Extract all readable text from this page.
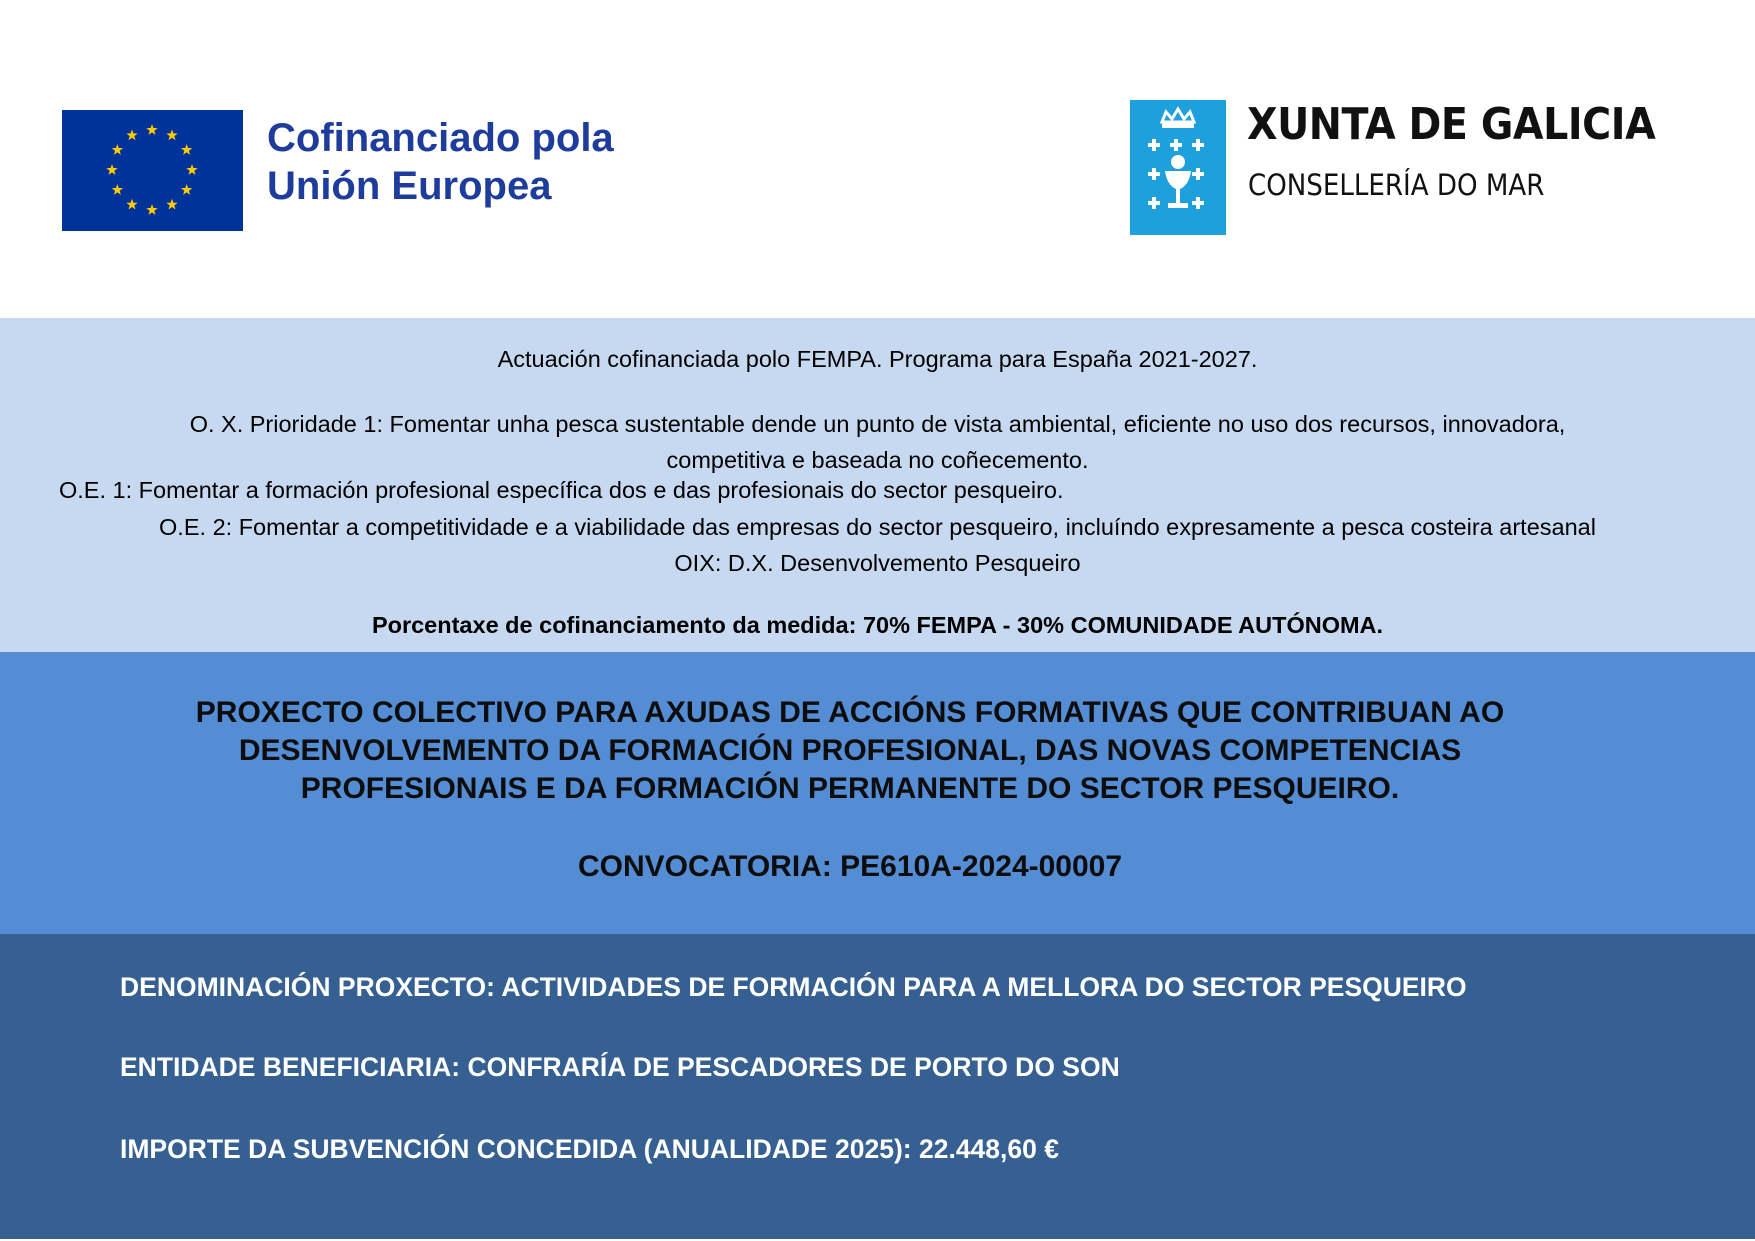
Cofinanciado pola
Unión Europea
XUNTA DE GALICIA
CONSELLERÍA DO MAR

Actuación cofinanciada polo FEMPA. Programa para España 2021-2027.

O. X. Prioridade 1: Fomentar unha pesca sustentable dende un punto de vista ambiental, eficiente no uso dos recursos, innovadora,

competitiva e baseada no coñecemento.

O.E. 1: Fomentar a formación profesional específica dos e das profesionais do sector pesqueiro.

O.E. 2: Fomentar a competitividade e a viabilidade das empresas do sector pesqueiro, incluíndo expresamente a pesca costeira artesanal

OIX: D.X. Desenvolvemento Pesqueiro

Porcentaxe de cofinanciamento da medida: 70% FEMPA - 30% COMUNIDADE AUTÓNOMA.

PROXECTO COLECTIVO PARA AXUDAS DE ACCIÓNS FORMATIVAS QUE CONTRIBUAN AO
DESENVOLVEMENTO DA FORMACIÓN PROFESIONAL, DAS NOVAS COMPETENCIAS
PROFESIONAIS E DA FORMACIÓN PERMANENTE DO SECTOR PESQUEIRO.

CONVOCATORIA: PE610A-2024-00007

DENOMINACIÓN PROXECTO: ACTIVIDADES DE FORMACIÓN PARA A MELLORA DO SECTOR PESQUEIRO

ENTIDADE BENEFICIARIA: CONFRARÍA DE PESCADORES DE PORTO DO SON

IMPORTE DA SUBVENCIÓN CONCEDIDA (ANUALIDADE 2025): 22.448,60 €
